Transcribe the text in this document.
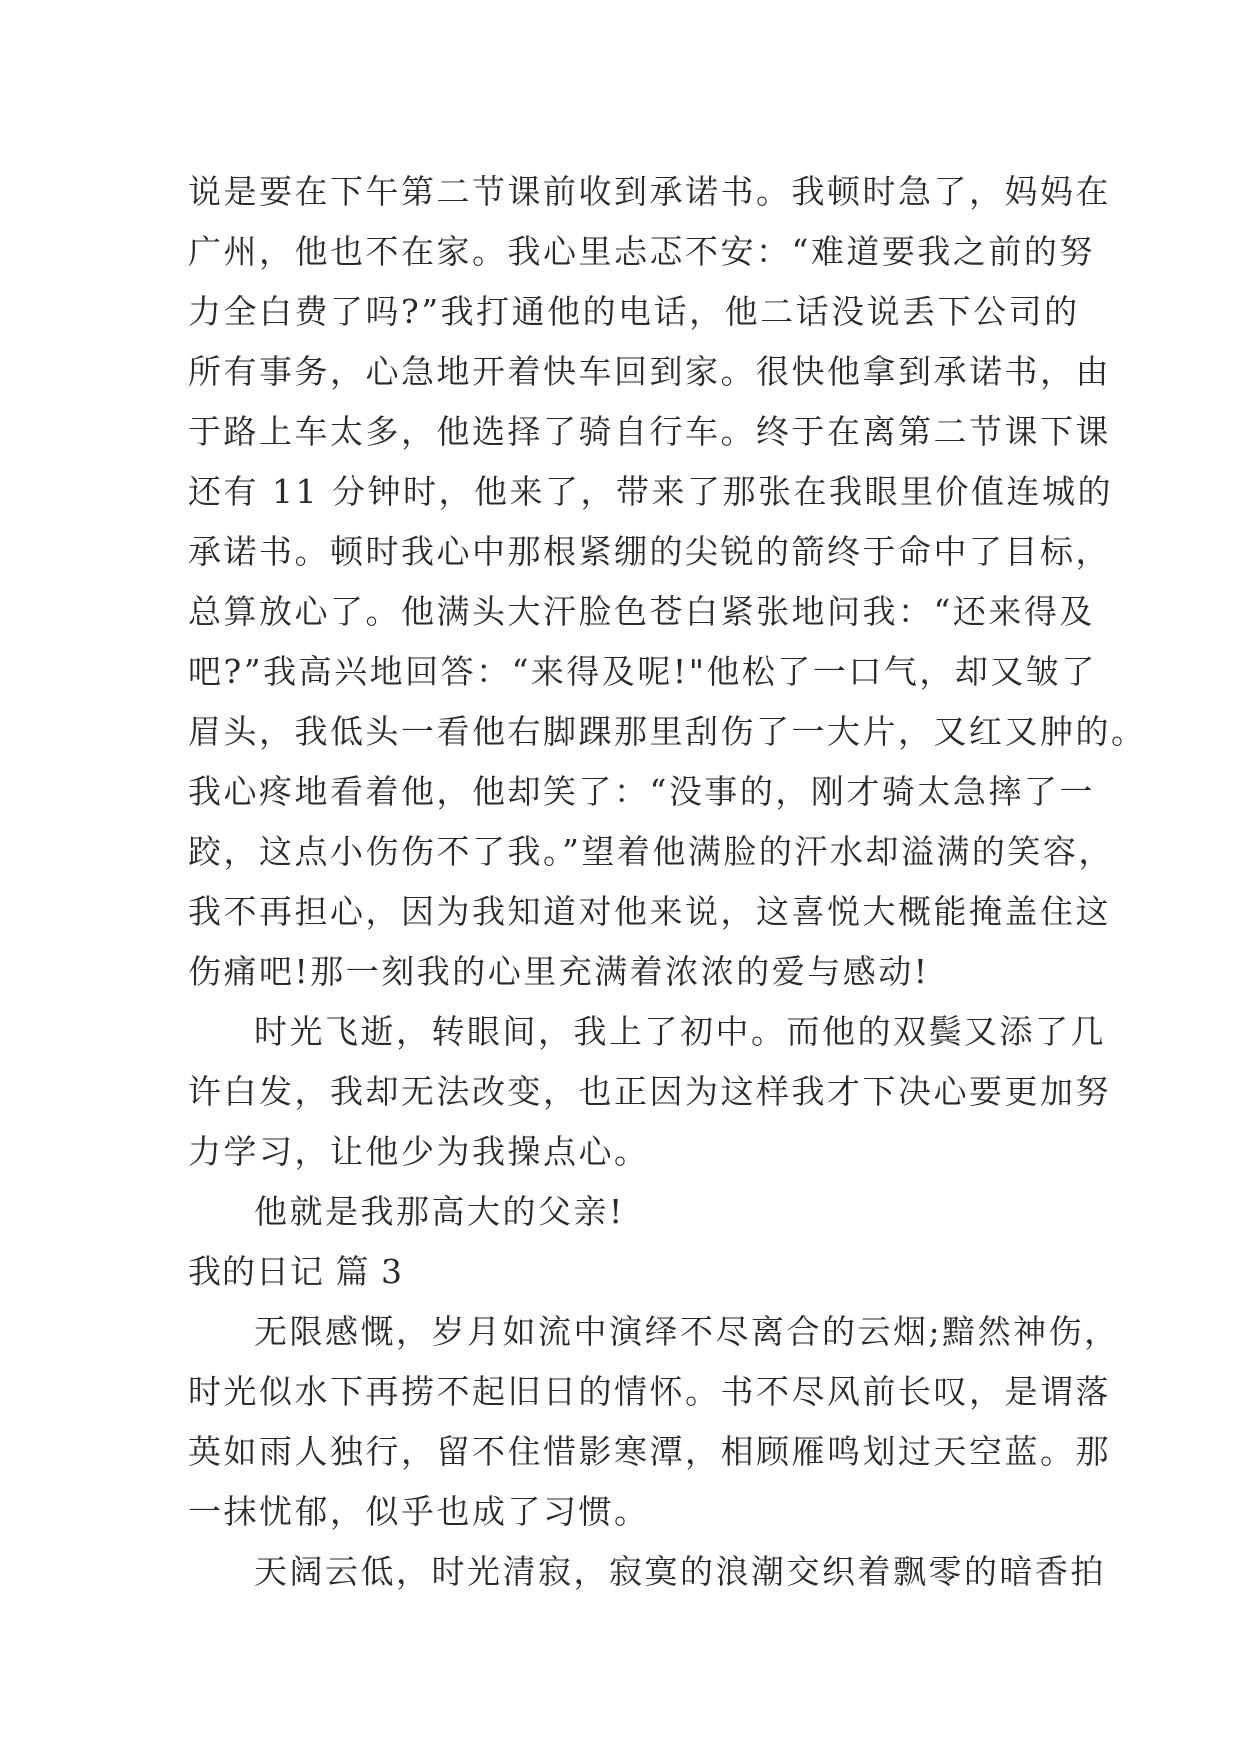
说是要在下午第二节课前收到承诺书。我顿时急了，妈妈在
广州，他也不在家。我心里忐忑不安：“难道要我之前的努
力全白费了吗?”我打通他的电话，他二话没说丢下公司的
所有事务，心急地开着快车回到家。很快他拿到承诺书，由
于路上车太多，他选择了骑自行车。终于在离第二节课下课
还有 11 分钟时，他来了，带来了那张在我眼里价值连城的
承诺书。顿时我心中那根紧绷的尖锐的箭终于命中了目标，
总算放心了。他满头大汗脸色苍白紧张地问我：“还来得及
吧?”我高兴地回答：“来得及呢!"他松了一口气，却又皱了
眉头，我低头一看他右脚踝那里刮伤了一大片，又红又肿的。
我心疼地看着他，他却笑了：“没事的，刚才骑太急摔了一
跤，这点小伤伤不了我。”望着他满脸的汗水却溢满的笑容，
我不再担心，因为我知道对他来说，这喜悦大概能掩盖住这
伤痛吧!那一刻我的心里充满着浓浓的爱与感动!
时光飞逝，转眼间，我上了初中。而他的双鬓又添了几
许白发，我却无法改变，也正因为这样我才下决心要更加努
力学习，让他少为我操点心。
他就是我那高大的父亲!
我的日记 篇 3
无限感慨，岁月如流中演绎不尽离合的云烟;黯然神伤，
时光似水下再捞不起旧日的情怀。书不尽风前长叹，是谓落
英如雨人独行，留不住惜影寒潭，相顾雁鸣划过天空蓝。那
一抹忧郁，似乎也成了习惯。
天阔云低，时光清寂，寂寞的浪潮交织着飘零的暗香拍
